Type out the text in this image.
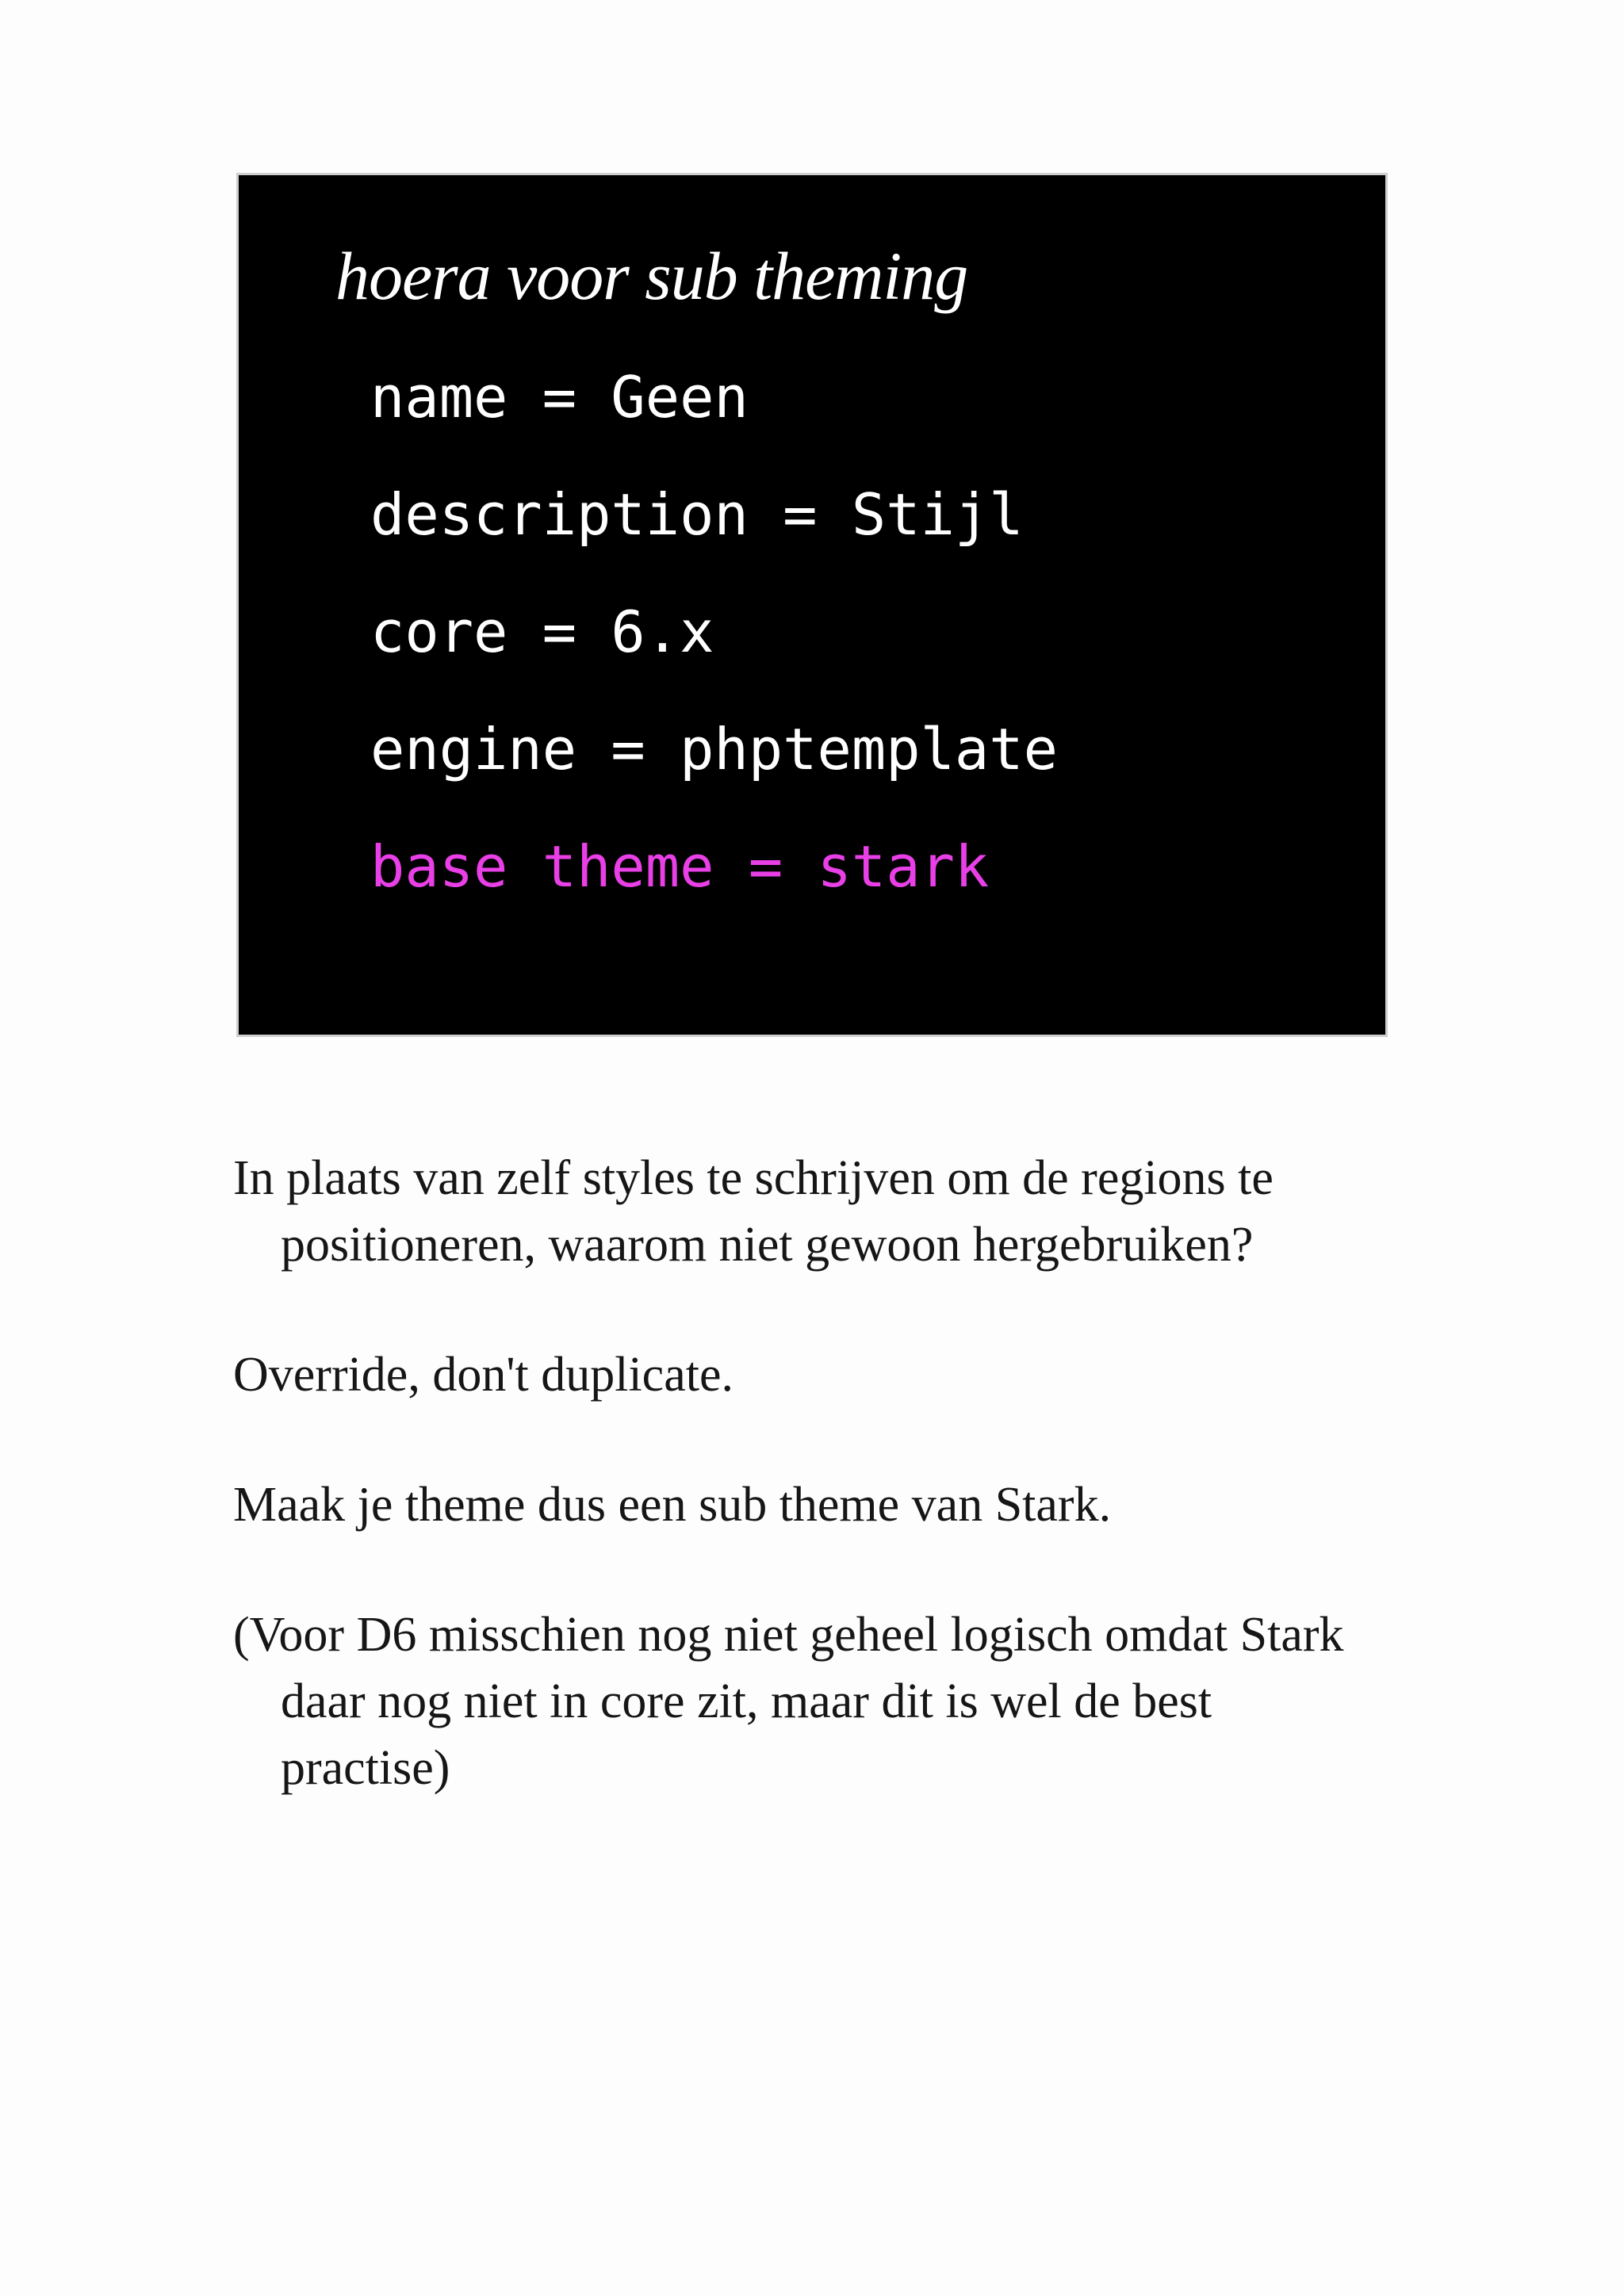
hoera voor sub theming
name = Geen
description = Stijl
core = 6.x
engine = phptemplate
base theme = stark

In plaats van zelf styles te schrijven om de regions te positioneren, waarom niet gewoon hergebruiken?

Override, don't duplicate.

Maak je theme dus een sub theme van Stark.

(Voor D6 misschien nog niet geheel logisch omdat Stark daar nog niet in core zit, maar dit is wel de best practise)
